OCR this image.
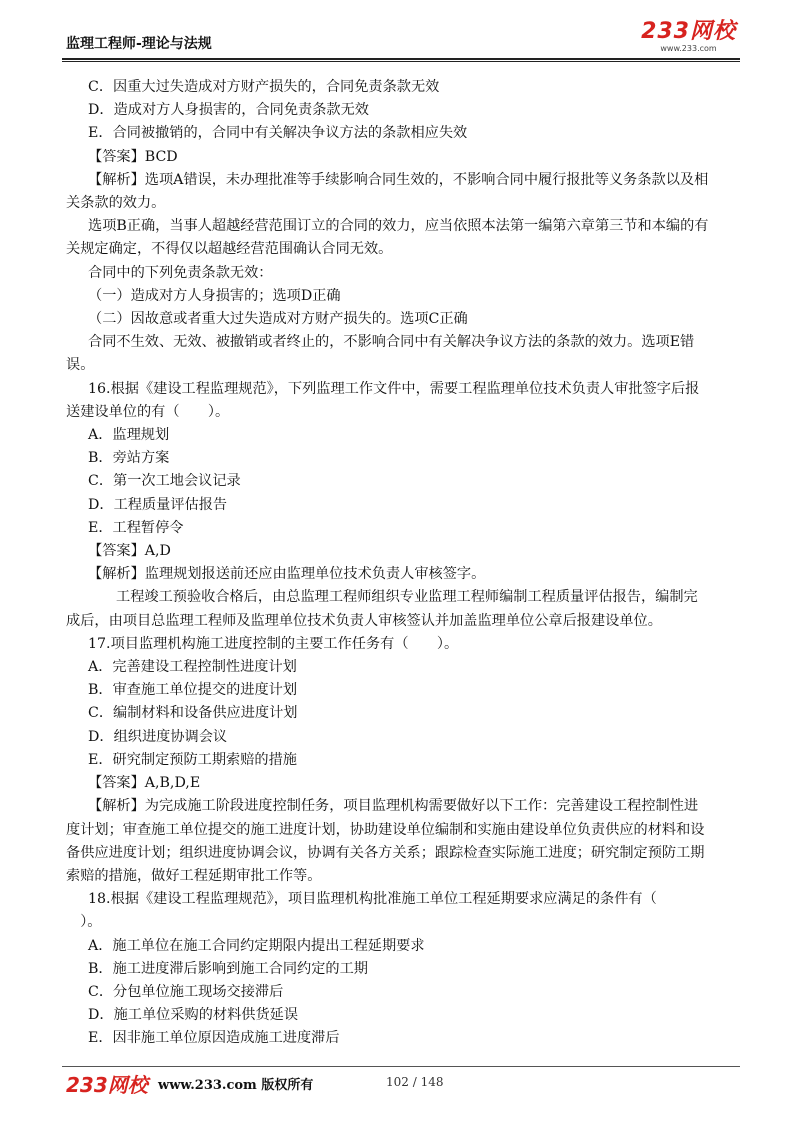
监理工程师-理论与法规	233网校
www.233.com

C．因重大过失造成对方财产损失的，合同免责条款无效

D．造成对方人身损害的，合同免责条款无效

E．合同被撤销的，合同中有关解决争议方法的条款相应失效

【答案】BCD

【解析】选项A错误，未办理批准等手续影响合同生效的，不影响合同中履行报批等义务条款以及相

关条款的效力。

选项B正确，当事人超越经营范围订立的合同的效力，应当依照本法第一编第六章第三节和本编的有

关规定确定，不得仅以超越经营范围确认合同无效。

合同中的下列免责条款无效：

（一）造成对方人身损害的；选项D正确

（二）因故意或者重大过失造成对方财产损失的。选项C正确

合同不生效、无效、被撤销或者终止的，不影响合同中有关解决争议方法的条款的效力。选项E错

误。

16.根据《建设工程监理规范》，下列监理工作文件中，需要工程监理单位技术负责人审批签字后报

送建设单位的有（　　）。

A．监理规划

B．旁站方案

C．第一次工地会议记录

D．工程质量评估报告

E．工程暂停令

【答案】A,D

【解析】监理规划报送前还应由监理单位技术负责人审核签字。

工程竣工预验收合格后，由总监理工程师组织专业监理工程师编制工程质量评估报告，编制完

成后，由项目总监理工程师及监理单位技术负责人审核签认并加盖监理单位公章后报建设单位。

17.项目监理机构施工进度控制的主要工作任务有（　　）。

A．完善建设工程控制性进度计划

B．审查施工单位提交的进度计划

C．编制材料和设备供应进度计划

D．组织进度协调会议

E．研究制定预防工期索赔的措施

【答案】A,B,D,E

【解析】为完成施工阶段进度控制任务，项目监理机构需要做好以下工作：完善建设工程控制性进

度计划；审查施工单位提交的施工进度计划，协助建设单位编制和实施由建设单位负责供应的材料和设

备供应进度计划；组织进度协调会议，协调有关各方关系；跟踪检查实际施工进度；研究制定预防工期

索赔的措施，做好工程延期审批工作等。

18.根据《建设工程监理规范》，项目监理机构批准施工单位工程延期要求应满足的条件有（

　）。

A．施工单位在施工合同约定期限内提出工程延期要求

B．施工进度滞后影响到施工合同约定的工期

C．分包单位施工现场交接滞后

D．施工单位采购的材料供货延误

E．因非施工单位原因造成施工进度滞后

233网校 www.233.com 版权所有	102 / 148
